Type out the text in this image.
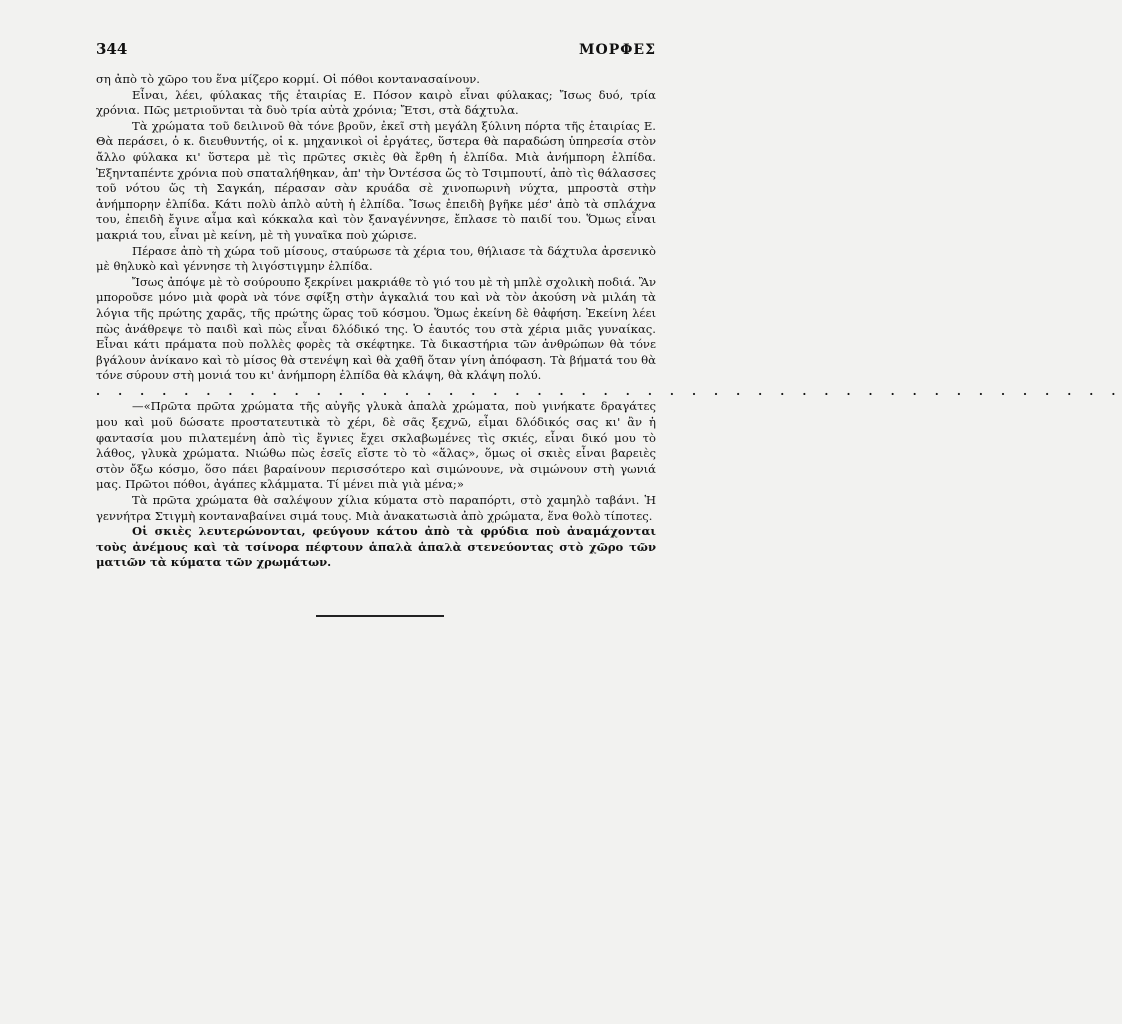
344	ΜΟΡΦΕΣ

ση ἀπὸ τὸ χῶρο του ἕνα μίζερο κορμί. Οἱ πόθοι κοντανασαίνουν.

Εἶναι, λέει, φύλακας τῆς ἑταιρίας Ε. Πόσον καιρὸ εἶναι φύλακας; Ἴσως δυό, τρία χρόνια. Πῶς μετριοῦνται τὰ δυὸ τρία αὐτὰ χρόνια; Ἔτσι, στὰ δάχτυλα.

Τὰ χρώματα τοῦ δειλινοῦ θὰ τόνε βροῦν, ἐκεῖ στὴ μεγάλη ξύλινη πόρτα τῆς ἑταιρίας Ε. Θὰ περάσει, ὁ κ. διευθυντής, οἱ κ. μηχανικοὶ οἱ ἐργάτες, ὕστερα θὰ παραδώση ὑπηρεσία στὸν ἄλλο φύλακα κι' ὕστερα μὲ τὶς πρῶτες σκιὲς θὰ ἔρθη ἡ ἐλπίδα. Μιὰ ἀνήμπορη ἐλπίδα. Ἐξηνταπέντε χρόνια ποὺ σπαταλήθηκαν, ἀπ' τὴν Ὀντέσσα ὥς τὸ Τσιμπουτί, ἀπὸ τὶς θάλασσες τοῦ νότου ὥς τὴ Σαγκάη, πέρασαν σὰν κρυάδα σὲ χινοπωρινὴ νύχτα, μπροστὰ στὴν ἀνήμπορην ἐλπίδα. Κάτι πολὺ ἁπλὸ αὐτὴ ἡ ἐλπίδα. Ἴσως ἐπειδὴ βγῆκε μέσ' ἀπὸ τὰ σπλάχνα του, ἐπειδὴ ἔγινε αἷμα καὶ κόκκαλα καὶ τὸν ξαναγέννησε, ἔπλασε τὸ παιδί του. Ὅμως εἶναι μακριά του, εἶναι μὲ κείνη, μὲ τὴ γυναῖκα ποὺ χώρισε.

Πέρασε ἀπὸ τὴ χώρα τοῦ μίσους, σταύρωσε τὰ χέρια του, θήλιασε τὰ δάχτυλα ἀρσενικὸ μὲ θηλυκὸ καὶ γέννησε τὴ λιγόστιγμην ἐλπίδα.

Ἴσως ἀπόψε μὲ τὸ σούρουπο ξεκρίνει μακριάθε τὸ γιό του μὲ τὴ μπλὲ σχολικὴ ποδιά. Ἂν μποροῦσε μόνο μιὰ φορὰ νὰ τόνε σφίξη στὴν ἀγκαλιά του καὶ νὰ τὸν ἀκούση νὰ μιλάη τὰ λόγια τῆς πρώτης χαρᾶς, τῆς πρώτης ὥρας τοῦ κόσμου. Ὅμως ἐκείνη δὲ θἀφήση. Ἐκείνη λέει πὼς ἀνάθρεψε τὸ παιδὶ καὶ πὼς εἶναι δλόδικό της. Ὁ ἑαυτός του στὰ χέρια μιᾶς γυναίκας. Εἶναι κάτι πράματα ποὺ πολλὲς φορὲς τὰ σκέφτηκε. Τὰ δικαστήρια τῶν ἀνθρώπων θὰ τόνε βγάλουν ἀνίκανο καὶ τὸ μίσος θὰ στενέψη καὶ θὰ χαθῆ ὅταν γίνη ἀπόφαση. Τὰ βήματά του θὰ τόνε σύρουν στὴ μονιά του κι' ἀνήμπορη ἐλπίδα θὰ κλάψη, θὰ κλάψη πολύ.

. . . . . . . . . . . . . . . . . . . . . . . . . . . . . . . . . . . . . . . . . . . . . . .

—«Πρῶτα πρῶτα χρώματα τῆς αὐγῆς γλυκὰ ἀπαλὰ χρώματα, ποὺ γινήκατε δραγάτες μου καὶ μοῦ δώσατε προστατευτικὰ τὸ χέρι, δὲ σᾶς ξεχνῶ, εἶμαι δλόδικός σας κι' ἂν ἡ φαντασία μου πιλατεμένη ἀπὸ τὶς ἔγνιες ἔχει σκλαβωμένες τὶς σκιές, εἶναι δικό μου τὸ λάθος, γλυκὰ χρώματα. Νιώθω πὼς ἐσεῖς εἴστε τὸ τὸ «ἅλας», ὅμως οἱ σκιὲς εἶναι βαρειὲς στὸν ὄξω κόσμο, ὅσο πάει βαραίνουν περισσότερο καὶ σιμώνουνε, νὰ σιμώνουν στὴ γωνιά μας. Πρῶτοι πόθοι, ἀγάπες κλάμματα. Τί μένει πιὰ γιὰ μένα;»

Τὰ πρῶτα χρώματα θὰ σαλέψουν χίλια κύματα στὸ παραπόρτι, στὸ χαμηλὸ ταβάνι. Ἡ γεννήτρα Στιγμὴ κονταναβαίνει σιμά τους. Μιὰ ἀνακατωσιὰ ἀπὸ χρώματα, ἕνα θολὸ τίποτες.

Οἱ σκιὲς λευτερώνονται, φεύγουν κάτου ἀπὸ τὰ φρύδια ποὺ ἀναμάχονται τοὺς ἀνέμους καὶ τὰ τσίνορα πέφτουν ἁπαλὰ ἁπαλὰ στενεύοντας στὸ χῶρο τῶν ματιῶν τὰ κύματα τῶν χρωμάτων.
